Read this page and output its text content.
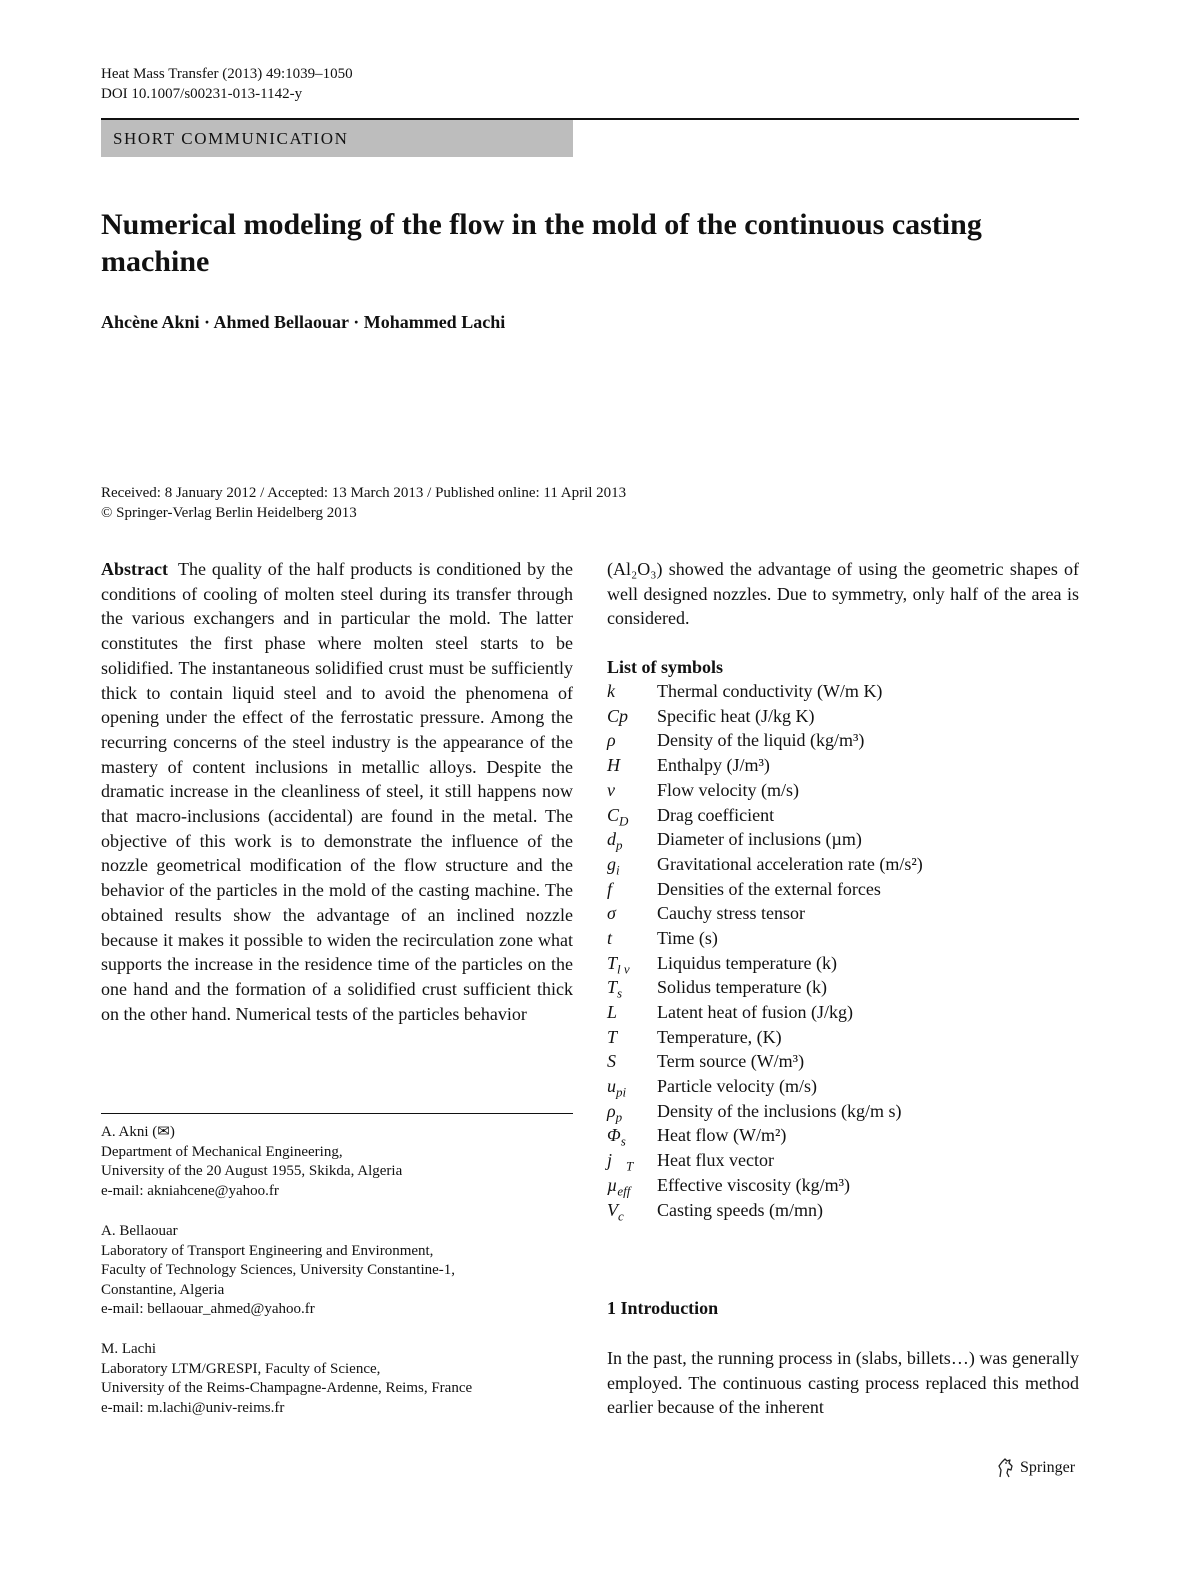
Heat Mass Transfer (2013) 49:1039–1050
DOI 10.1007/s00231-013-1142-y
SHORT COMMUNICATION
Numerical modeling of the flow in the mold of the continuous casting machine
Ahcène Akni · Ahmed Bellaouar · Mohammed Lachi
Received: 8 January 2012 / Accepted: 13 March 2013 / Published online: 11 April 2013
© Springer-Verlag Berlin Heidelberg 2013

Abstract The quality of the half products is conditioned by the conditions of cooling of molten steel during its transfer through the various exchangers and in particular the mold. The latter constitutes the first phase where molten steel starts to be solidified. The instantaneous solidified crust must be sufficiently thick to contain liquid steel and to avoid the phenomena of opening under the effect of the ferrostatic pressure. Among the recurring concerns of the steel industry is the appearance of the mastery of content inclusions in metallic alloys. Despite the dramatic increase in the cleanliness of steel, it still happens now that macro-inclusions (accidental) are found in the metal. The objective of this work is to demonstrate the influence of the nozzle geometrical modification of the flow structure and the behavior of the particles in the mold of the casting machine. The obtained results show the advantage of an inclined nozzle because it makes it possible to widen the recirculation zone what supports the increase in the residence time of the particles on the one hand and the formation of a solidified crust sufficient thick on the other hand. Numerical tests of the particles behavior

A. Akni (✉)
Department of Mechanical Engineering,
University of the 20 August 1955, Skikda, Algeria
e-mail: akniahcene@yahoo.fr
A. Bellaouar
Laboratory of Transport Engineering and Environment,
Faculty of Technology Sciences, University Constantine-1,
Constantine, Algeria
e-mail: bellaouar_ahmed@yahoo.fr
M. Lachi
Laboratory LTM/GRESPI, Faculty of Science,
University of the Reims-Champagne-Ardenne, Reims, France
e-mail: m.lachi@univ-reims.fr

(Al₂O₃) showed the advantage of using the geometric shapes of well designed nozzles. Due to symmetry, only half of the area is considered.

List of symbols
k	Thermal conductivity (W/m K)
Cp	Specific heat (J/kg K)
ρ	Density of the liquid (kg/m³)
H	Enthalpy (J/m³)
v⃗	Flow velocity (m/s)
$C_D$	Drag coefficient
$d_p$	Diameter of inclusions (µm)
$g_i$	Gravitational acceleration rate (m/s²)
f⃗	Densities of the external forces
σ	Cauchy stress tensor
t	Time (s)
$T_{l v}$	Liquidus temperature (k)
$T_s$	Solidus temperature (k)
L	Latent heat of fusion (J/kg)
T	Temperature, (K)
S	Term source (W/m³)
$u_{pi}$	Particle velocity (m/s)
$\rho_p$	Density of the inclusions (kg/m s)
$\Phi_s$	Heat flow (W/m²)
$j⃗_T$	Heat flux vector
µ$_{eff}$	Effective viscosity (kg/m³)
$V_c$	Casting speeds (m/mn)
1 Introduction

In the past, the running process in (slabs, billets…) was generally employed. The continuous casting process replaced this method earlier because of the inherent

Springer
